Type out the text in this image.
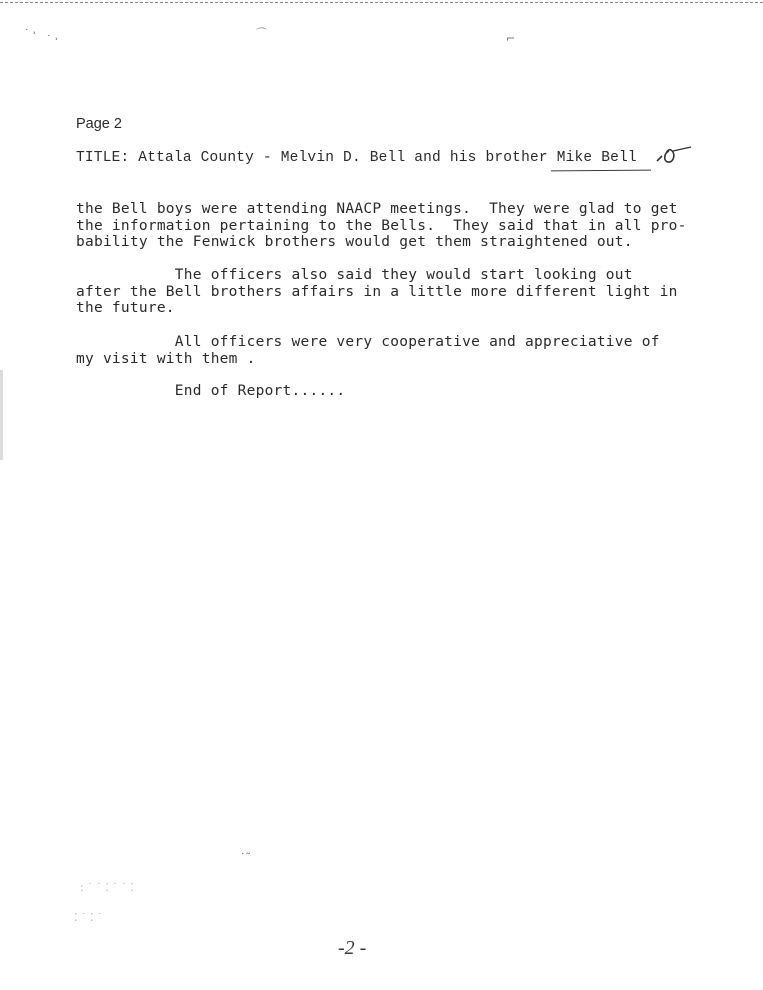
˙ ˒ ˙ ˒	⌒	⌐
˙˜
: ˙ ˙ ⁚ ˙ ˙ ⁚
⁚ ˙ ⁚ ˙
Page 2
TITLE: Attala County - Melvin D. Bell and his brother Mike Bell
the Bell boys were attending NAACP meetings.  They were glad to get
the information pertaining to the Bells.  They said that in all pro-
bability the Fenwick brothers would get them straightened out.
The officers also said they would start looking out
after the Bell brothers affairs in a little more different light in
the future.
All officers were very cooperative and appreciative of
my visit with them .
End of Report......
-2 -
